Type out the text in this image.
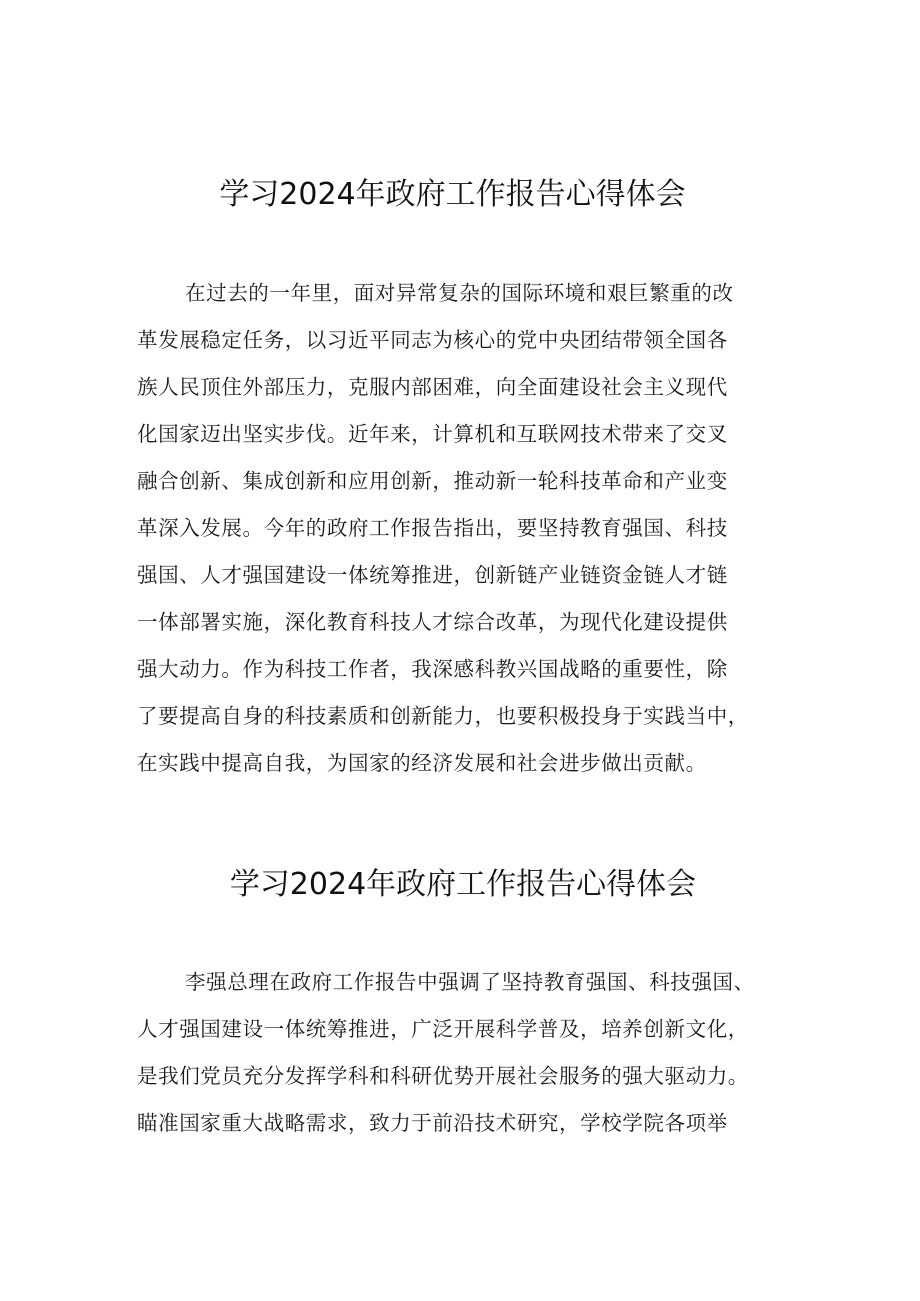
学习2024年政府工作报告心得体会

在过去的一年里，面对异常复杂的国际环境和艰巨繁重的改

革发展稳定任务，以习近平同志为核心的党中央团结带领全国各

族人民顶住外部压力，克服内部困难，向全面建设社会主义现代

化国家迈出坚实步伐。近年来，计算机和互联网技术带来了交叉

融合创新、集成创新和应用创新，推动新一轮科技革命和产业变

革深入发展。今年的政府工作报告指出，要坚持教育强国、科技

强国、人才强国建设一体统筹推进，创新链产业链资金链人才链

一体部署实施，深化教育科技人才综合改革，为现代化建设提供

强大动力。作为科技工作者，我深感科教兴国战略的重要性，除

了要提高自身的科技素质和创新能力，也要积极投身于实践当中，

在实践中提高自我，为国家的经济发展和社会进步做出贡献。

学习2024年政府工作报告心得体会

李强总理在政府工作报告中强调了坚持教育强国、科技强国、

人才强国建设一体统筹推进，广泛开展科学普及，培养创新文化，

是我们党员充分发挥学科和科研优势开展社会服务的强大驱动力。

瞄准国家重大战略需求，致力于前沿技术研究，学校学院各项举
